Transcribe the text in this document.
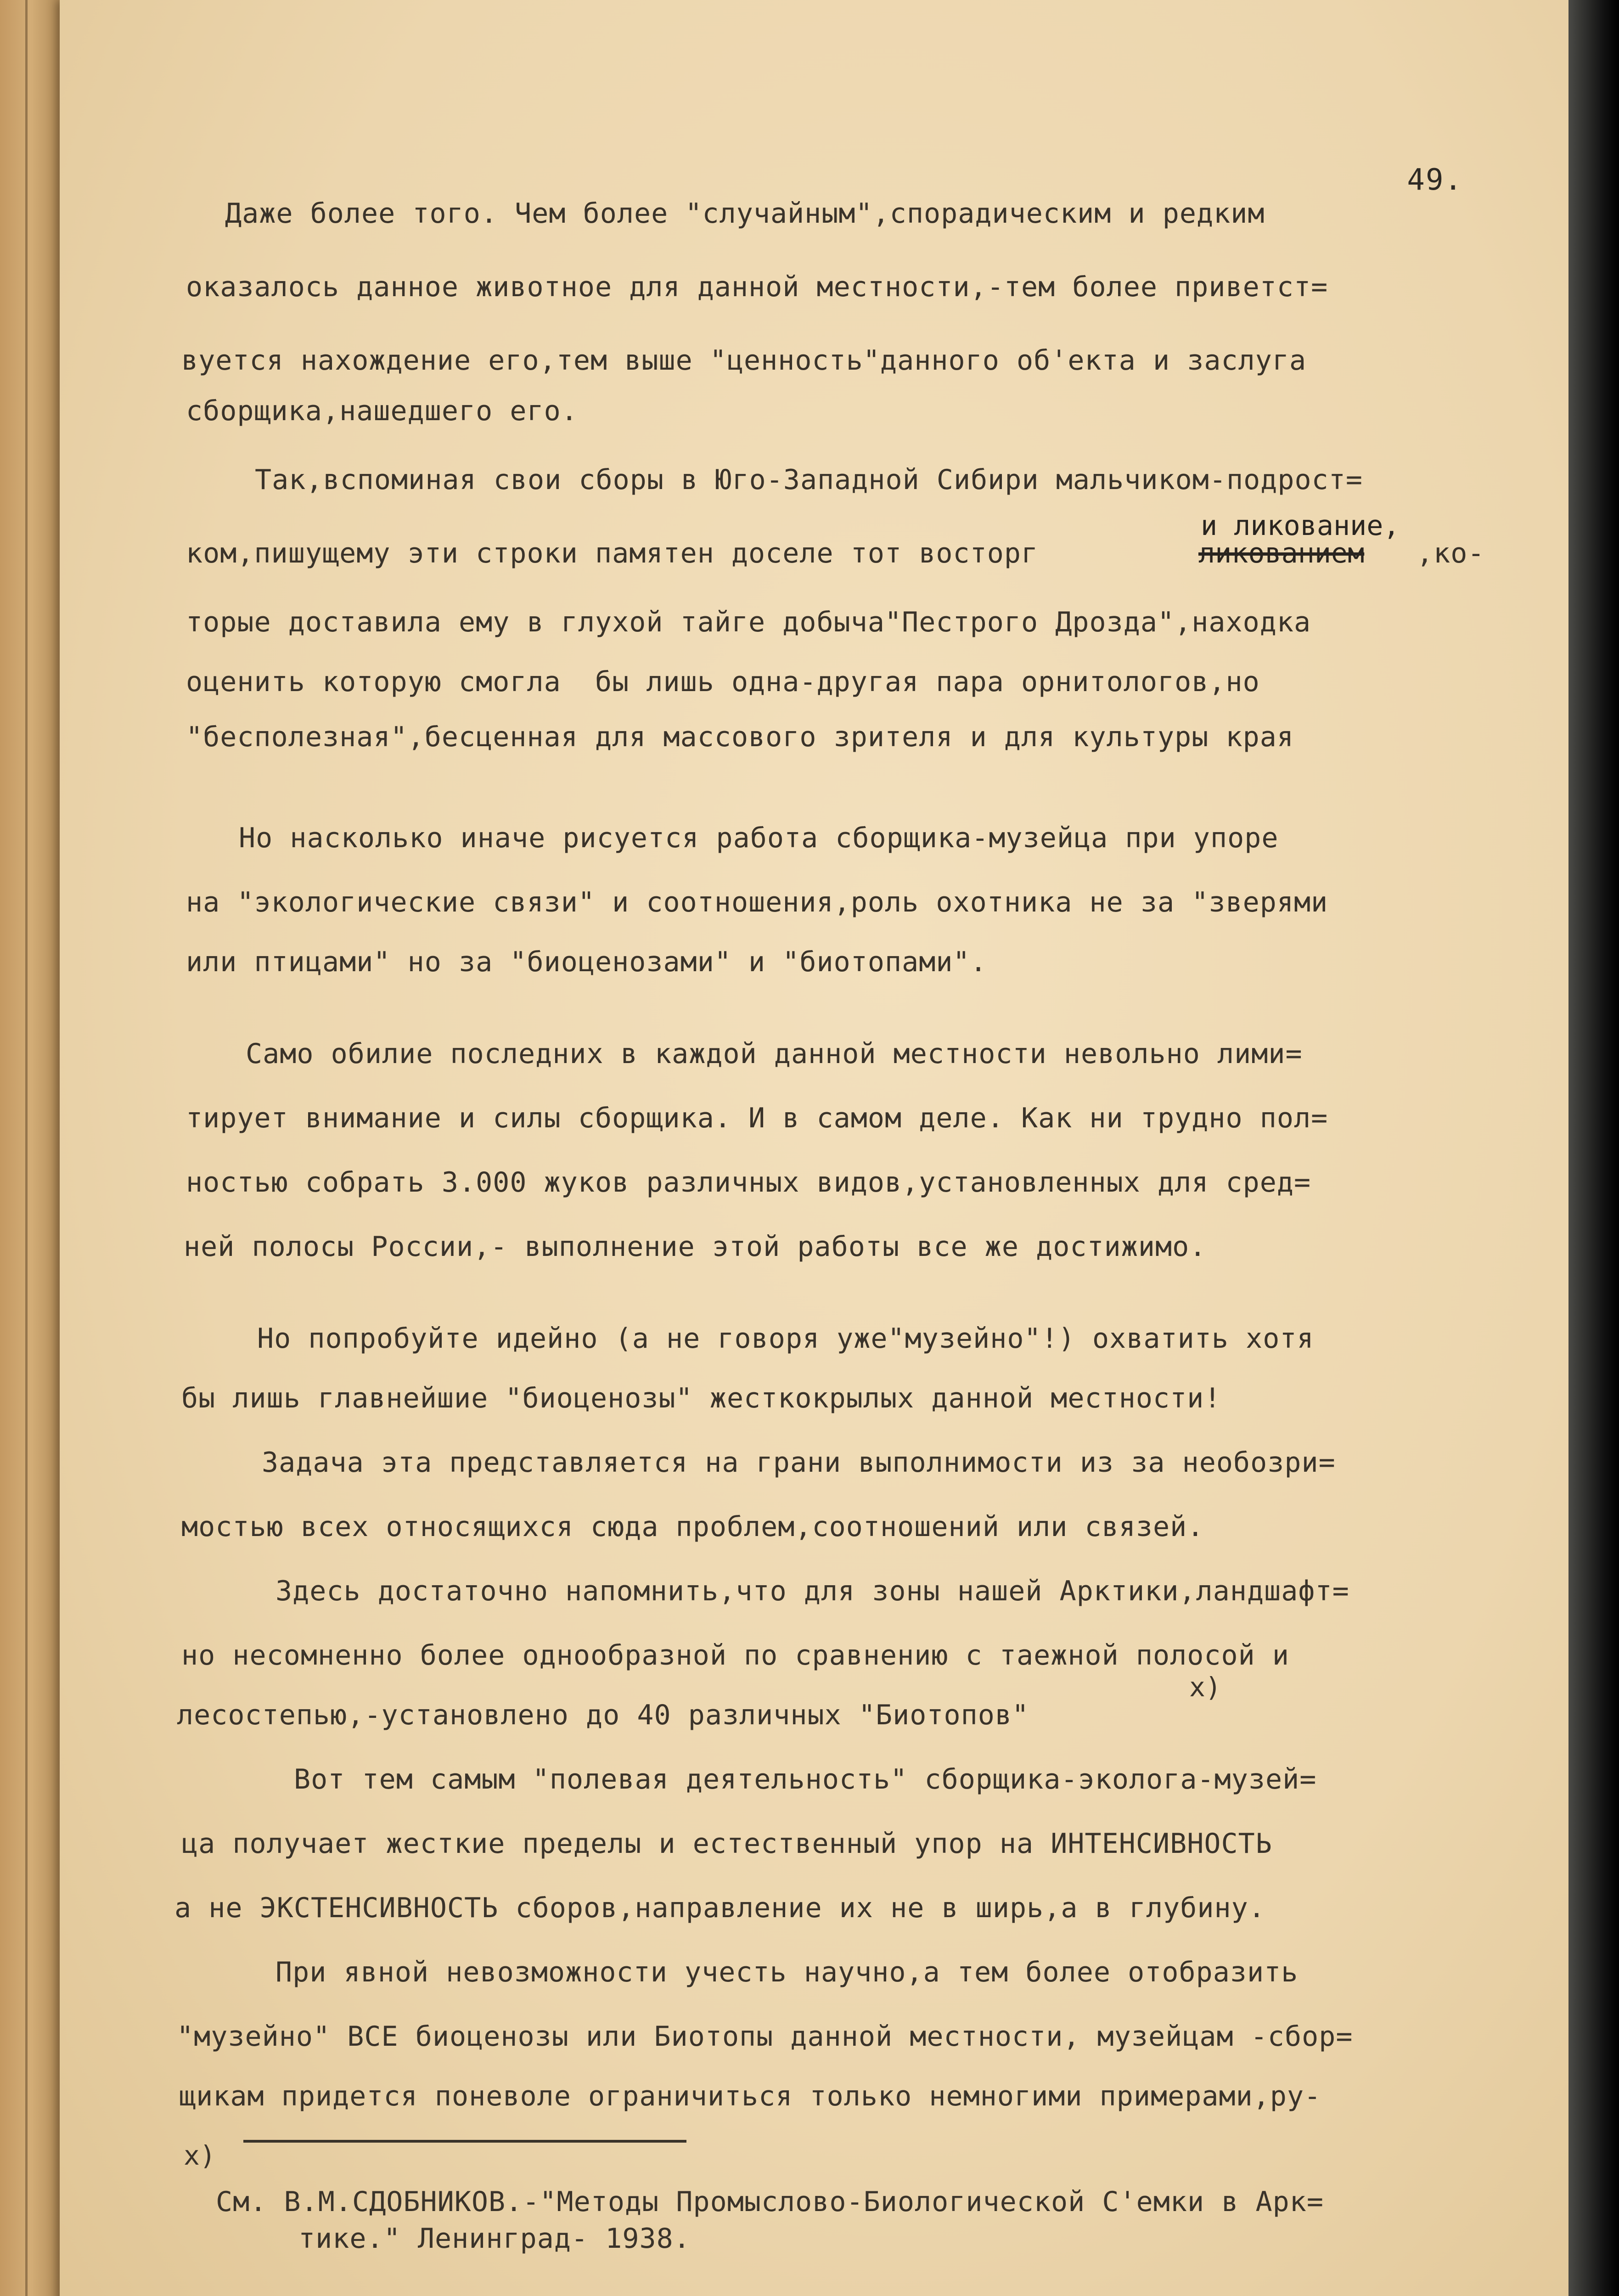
49.

Даже более того. Чем более "случайным",спорадическим и редким

оказалось данное животное для данной местности,-тем более приветст=

вуется нахождение его,тем выше "ценность"данного об'екта и заслуга

сборщика,нашедшего его.

Так,вспоминая свои сборы в Юго-Западной Сибири мальчиком-подрост=

и ликование,

ком,пишущему эти строки памятен доселе тот восторг	ликованием ,ко-

торые доставила ему в глухой тайге добыча"Пестрого Дрозда",находка

оценить которую смогла  бы лишь одна-другая пара орнитологов,но

"бесполезная",бесценная для массового зрителя и для культуры края

Но насколько иначе рисуется работа сборщика-музейца при упоре

на "экологические связи" и соотношения,роль охотника не за "зверями

или птицами" но за "биоценозами" и "биотопами".

Само обилие последних в каждой данной местности невольно лими=

тирует внимание и силы сборщика. И в самом деле. Как ни трудно пол=

ностью собрать 3.000 жуков различных видов,установленных для сред=

ней полосы России,- выполнение этой работы все же достижимо.

Но попробуйте идейно (а не говоря уже"музейно"!) охватить хотя

бы лишь главнейшие "биоценозы" жесткокрылых данной местности!

Задача эта представляется на грани выполнимости из за необозри=

мостью всех относящихся сюда проблем,соотношений или связей.

Здесь достаточно напомнить,что для зоны нашей Арктики,ландшафт=

но несомненно более однообразной по сравнению с таежной полосой и

x)

лесостепью,-установлено до 40 различных "Биотопов"

Вот тем самым "полевая деятельность" сборщика-эколога-музей=

ца получает жесткие пределы и естественный упор на ИНТЕНСИВНОСТЬ

а не ЭКСТЕНСИВНОСТЬ сборов,направление их не в ширь,а в глубину.

При явной невозможности учесть научно,а тем более отобразить

"музейно" ВСЕ биоценозы или Биотопы данной местности, музейцам -сбор=

щикам придется поневоле ограничиться только немногими примерами,ру-

x)

См. В.М.СДОБНИКОВ.-"Методы Промыслово-Биологической С'емки в Арк=

тике." Ленинград- 1938.
